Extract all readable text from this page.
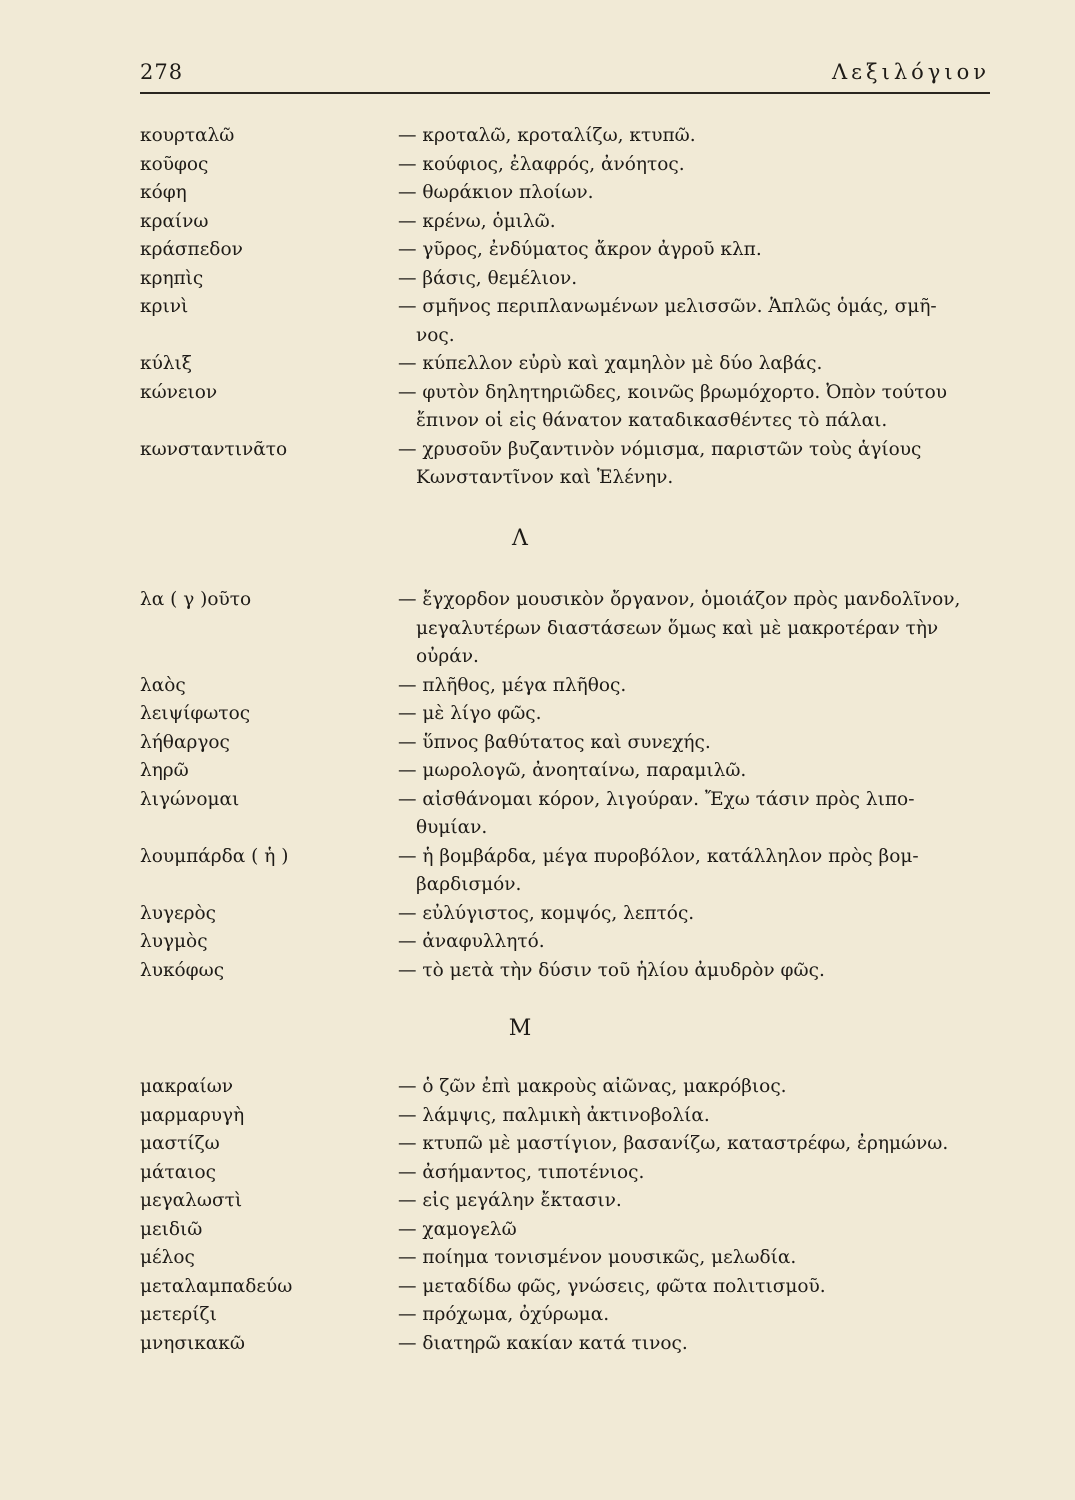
278	Λεξιλόγιον
κουρταλῶ	— κροταλῶ, κροταλίζω, κτυπῶ.
κοῦφος	— κούφιος, ἐλαφρός, ἀνόητος.
κόφη	— θωράκιον πλοίων.
κραίνω	— κρένω, ὁμιλῶ.
κράσπεδον	— γῦρος, ἐνδύματος ἄκρον ἀγροῦ κλπ.
κρηπὶς	— βάσις, θεμέλιον.
κρινὶ	— σμῆνος περιπλανωμένων μελισσῶν. Ἁπλῶς ὁμάς, σμῆ-
νος.
κύλιξ	— κύπελλον εὐρὺ καὶ χαμηλὸν μὲ δύο λαβάς.
κώνειον	— φυτὸν δηλητηριῶδες, κοινῶς βρωμόχορτο. Ὀπὸν τούτου
ἔπινον οἱ εἰς θάνατον καταδικασθέντες τὸ πάλαι.
κωνσταντινᾶτο	— χρυσοῦν βυζαντινὸν νόμισμα, παριστῶν τοὺς ἁγίους
Κωνσταντῖνον καὶ Ἑλένην.
Λ
λα ( γ )οῦτο	— ἔγχορδον μουσικὸν ὄργανον, ὁμοιάζον πρὸς μανδολῖνον,
μεγαλυτέρων διαστάσεων ὅμως καὶ μὲ μακροτέραν τὴν
οὐράν.
λαὸς	— πλῆθος, μέγα πλῆθος.
λειψίφωτος	— μὲ λίγο φῶς.
λήθαργος	— ὕπνος βαθύτατος καὶ συνεχής.
ληρῶ	— μωρολογῶ, ἀνοηταίνω, παραμιλῶ.
λιγώνομαι	— αἰσθάνομαι κόρον, λιγούραν. Ἔχω τάσιν πρὸς λιπο-
θυμίαν.
λουμπάρδα ( ἡ )	— ἡ βομβάρδα, μέγα πυροβόλον, κατάλληλον πρὸς βομ-
βαρδισμόν.
λυγερὸς	— εὐλύγιστος, κομψός, λεπτός.
λυγμὸς	— ἀναφυλλητό.
λυκόφως	— τὸ μετὰ τὴν δύσιν τοῦ ἡλίου ἀμυδρὸν φῶς.
Μ
μακραίων	— ὁ ζῶν ἐπὶ μακροὺς αἰῶνας, μακρόβιος.
μαρμαρυγὴ	— λάμψις, παλμικὴ ἀκτινοβολία.
μαστίζω	— κτυπῶ μὲ μαστίγιον, βασανίζω, καταστρέφω, ἐρημώνω.
μάταιος	— ἀσήμαντος, τιποτένιος.
μεγαλωστὶ	— εἰς μεγάλην ἔκτασιν.
μειδιῶ	— χαμογελῶ
μέλος	— ποίημα τονισμένον μουσικῶς, μελωδία.
μεταλαμπαδεύω	— μεταδίδω φῶς, γνώσεις, φῶτα πολιτισμοῦ.
μετερίζι	— πρόχωμα, ὀχύρωμα.
μνησικακῶ	— διατηρῶ κακίαν κατά τινος.
